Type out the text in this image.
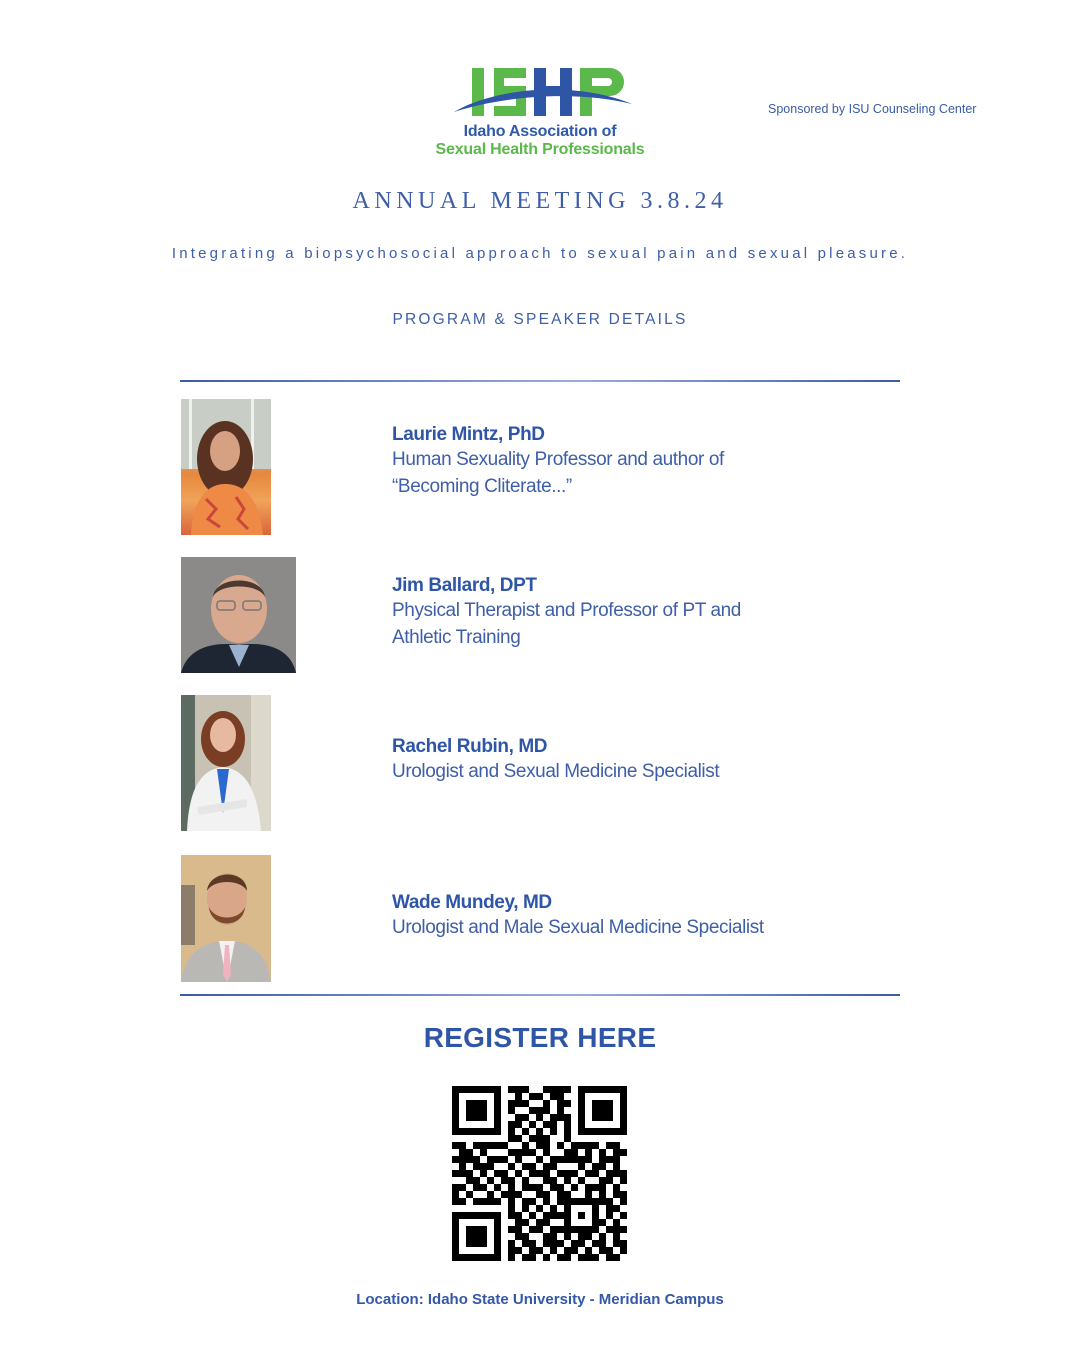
Idaho Association of
Sexual Health Professionals
Sponsored by ISU Counseling Center
ANNUAL MEETING 3.8.24
Integrating a biopsychosocial approach to sexual pain and sexual pleasure.
PROGRAM & SPEAKER DETAILS
Laurie Mintz, PhD
Human Sexuality Professor and author of
“Becoming Cliterate...”
Jim Ballard, DPT
Physical Therapist and Professor of PT and
Athletic Training
Rachel Rubin, MD
Urologist and Sexual Medicine Specialist
Wade Mundey, MD
Urologist and Male Sexual Medicine Specialist
REGISTER HERE
Location: Idaho State University - Meridian Campus
